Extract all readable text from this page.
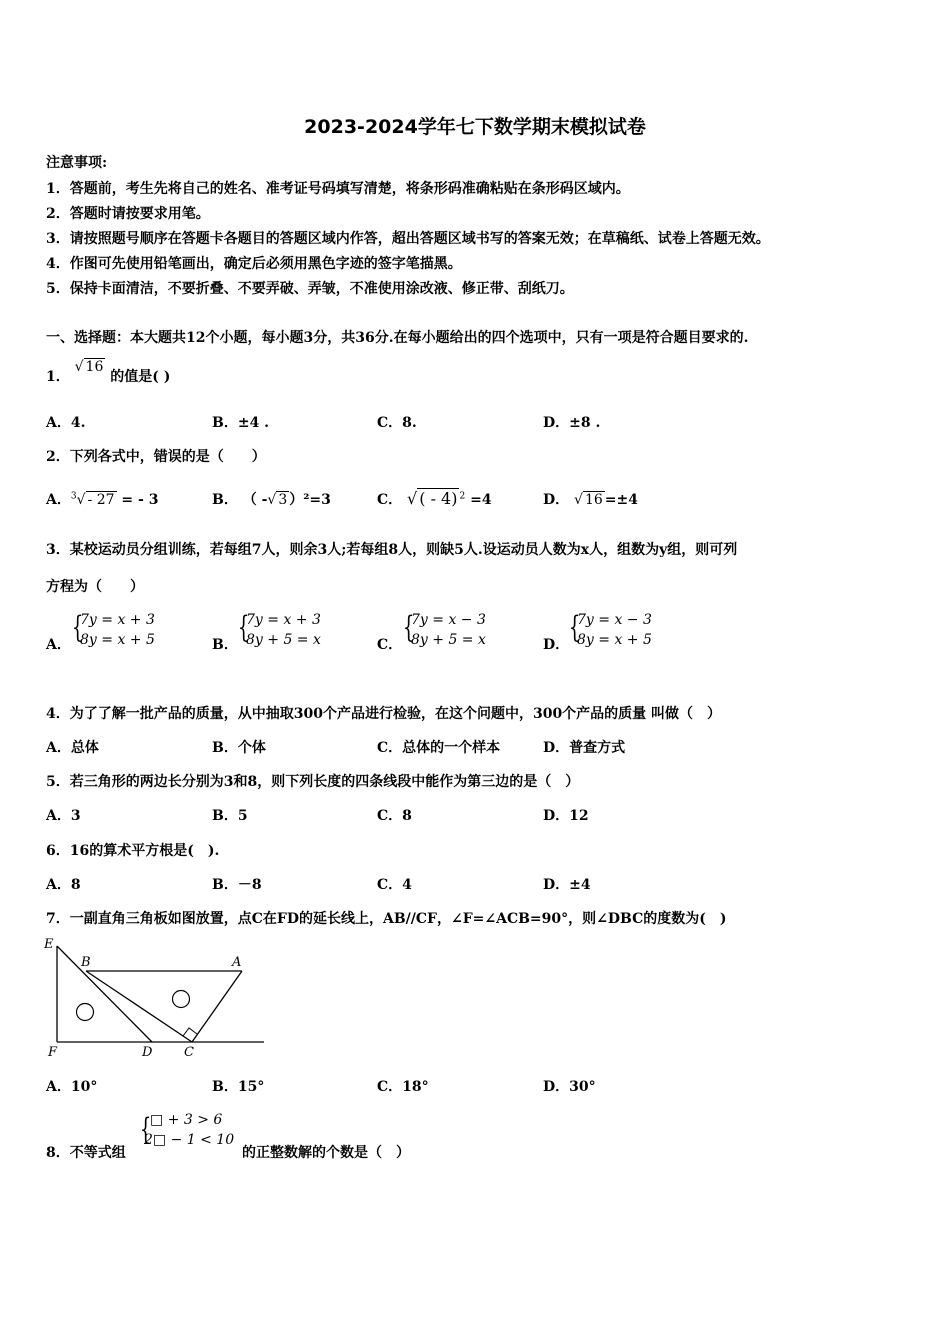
2023-2024学年七下数学期末模拟试卷
注意事项:
1．答题前，考生先将自己的姓名、准考证号码填写清楚，将条形码准确粘贴在条形码区域内。
2．答题时请按要求用笔。
3．请按照题号顺序在答题卡各题目的答题区域内作答，超出答题区域书写的答案无效；在草稿纸、试卷上答题无效。
4．作图可先使用铅笔画出，确定后必须用黑色字迹的签字笔描黑。
5．保持卡面清洁，不要折叠、不要弄破、弄皱，不准使用涂改液、修正带、刮纸刀。
一、选择题：本大题共12个小题，每小题3分，共36分.在每小题给出的四个选项中，只有一项是符合题目要求的.
1． √ 16 的值是( )
A．4.	B．±4 .	C．8.	D．±8 .
2．下列各式中，错误的是（　　）
A．$^3$√ - 27 = - 3	B． （ -√ 3 ）²=3	C． √ ( - 4) $^2$ =4	D． √ 16 =±4
3．某校运动员分组训练，若每组7人，则余3人;若每组8人，则缺5人.设运动员人数为x人，组数为y组，则可列
方程为（　　）
A． {
7y = x + 3
8y = x + 5	B． {
7y = x + 3
8y + 5 = x	C． {
7y = x − 3
8y + 5 = x	D． {
7y = x − 3
8y = x + 5
4．为了了解一批产品的质量，从中抽取300个产品进行检验，在这个问题中，300个产品的质量 叫做（　）
A．总体	B．个体	C．总体的一个样本	D．普查方式
5．若三角形的两边长分别为3和8，则下列长度的四条线段中能作为第三边的是（　）
A．3	B．5	C．8	D．12
6．16的算术平方根是(　).
A．8	B．－8	C．4	D．±4
7．一副直角三角板如图放置，点C在FD的延长线上，AB//CF，∠F=∠ACB=90°，则∠DBC的度数为(　)
E
B	A
F	D C
A．10°	B．15°	C．18°	D．30°
8．不等式组
{
□ + 3 > 6
2□ − 1 < 10
的正整数解的个数是（　）
